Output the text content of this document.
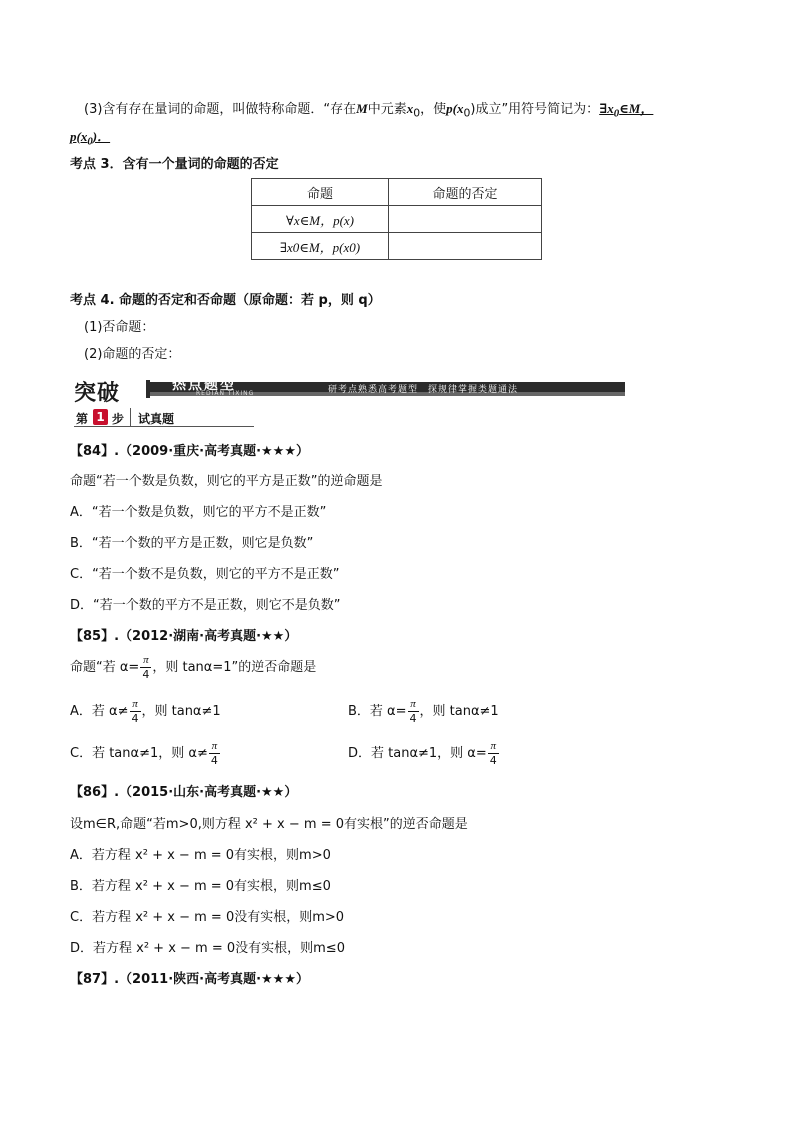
(3)含有存在量词的命题，叫做特称命题．“存在M中元素$x_0$，使$p(x_0)$成立”用符号简记为：$\exists x_0\in M$，
$p(x_0)$．
考点 3．含有一个量词的命题的否定
命题	命题的否定
∀x∈M，p(x)	
∃x0∈M，p(x0)	
考点 4. 命题的否定和否命题（原命题：若 p，则 q）
(1)否命题：
(2)命题的否定：
突破	热点题型
REDIAN TIXING	研考点熟悉高考题型　探规律掌握类题通法
第 1 步 试真题
【84】.（2009·重庆·高考真题·★★★）
命题“若一个数是负数，则它的平方是正数”的逆命题是
A．“若一个数是负数，则它的平方不是正数”
B．“若一个数的平方是正数，则它是负数”
C．“若一个数不是负数，则它的平方不是正数”
D．“若一个数的平方不是正数，则它不是负数”
【85】.（2012·湖南·高考真题·★★）
命题“若 $\alpha= \frac{\pi}{4}$ ，则 tanα=1”的逆否命题是
A．若 $\alpha\ne \frac{\pi}{4}$ ，则 tanα≠1	B．若 $\alpha= \frac{\pi}{4}$ ，则 tanα≠1
C．若 tanα≠1，则 $\alpha\ne \frac{\pi}{4}$	D．若 tanα≠1，则 $\alpha= \frac{\pi}{4}$
【86】.（2015·山东·高考真题·★★）
设m∈R,命题“若m>0,则方程 x² + x − m = 0有实根”的逆否命题是
A．若方程 x² + x − m = 0有实根，则m>0
B．若方程 x² + x − m = 0有实根，则m≤0
C．若方程 x² + x − m = 0没有实根，则m>0
D．若方程 x² + x − m = 0没有实根，则m≤0
【87】.（2011·陕西·高考真题·★★★）
